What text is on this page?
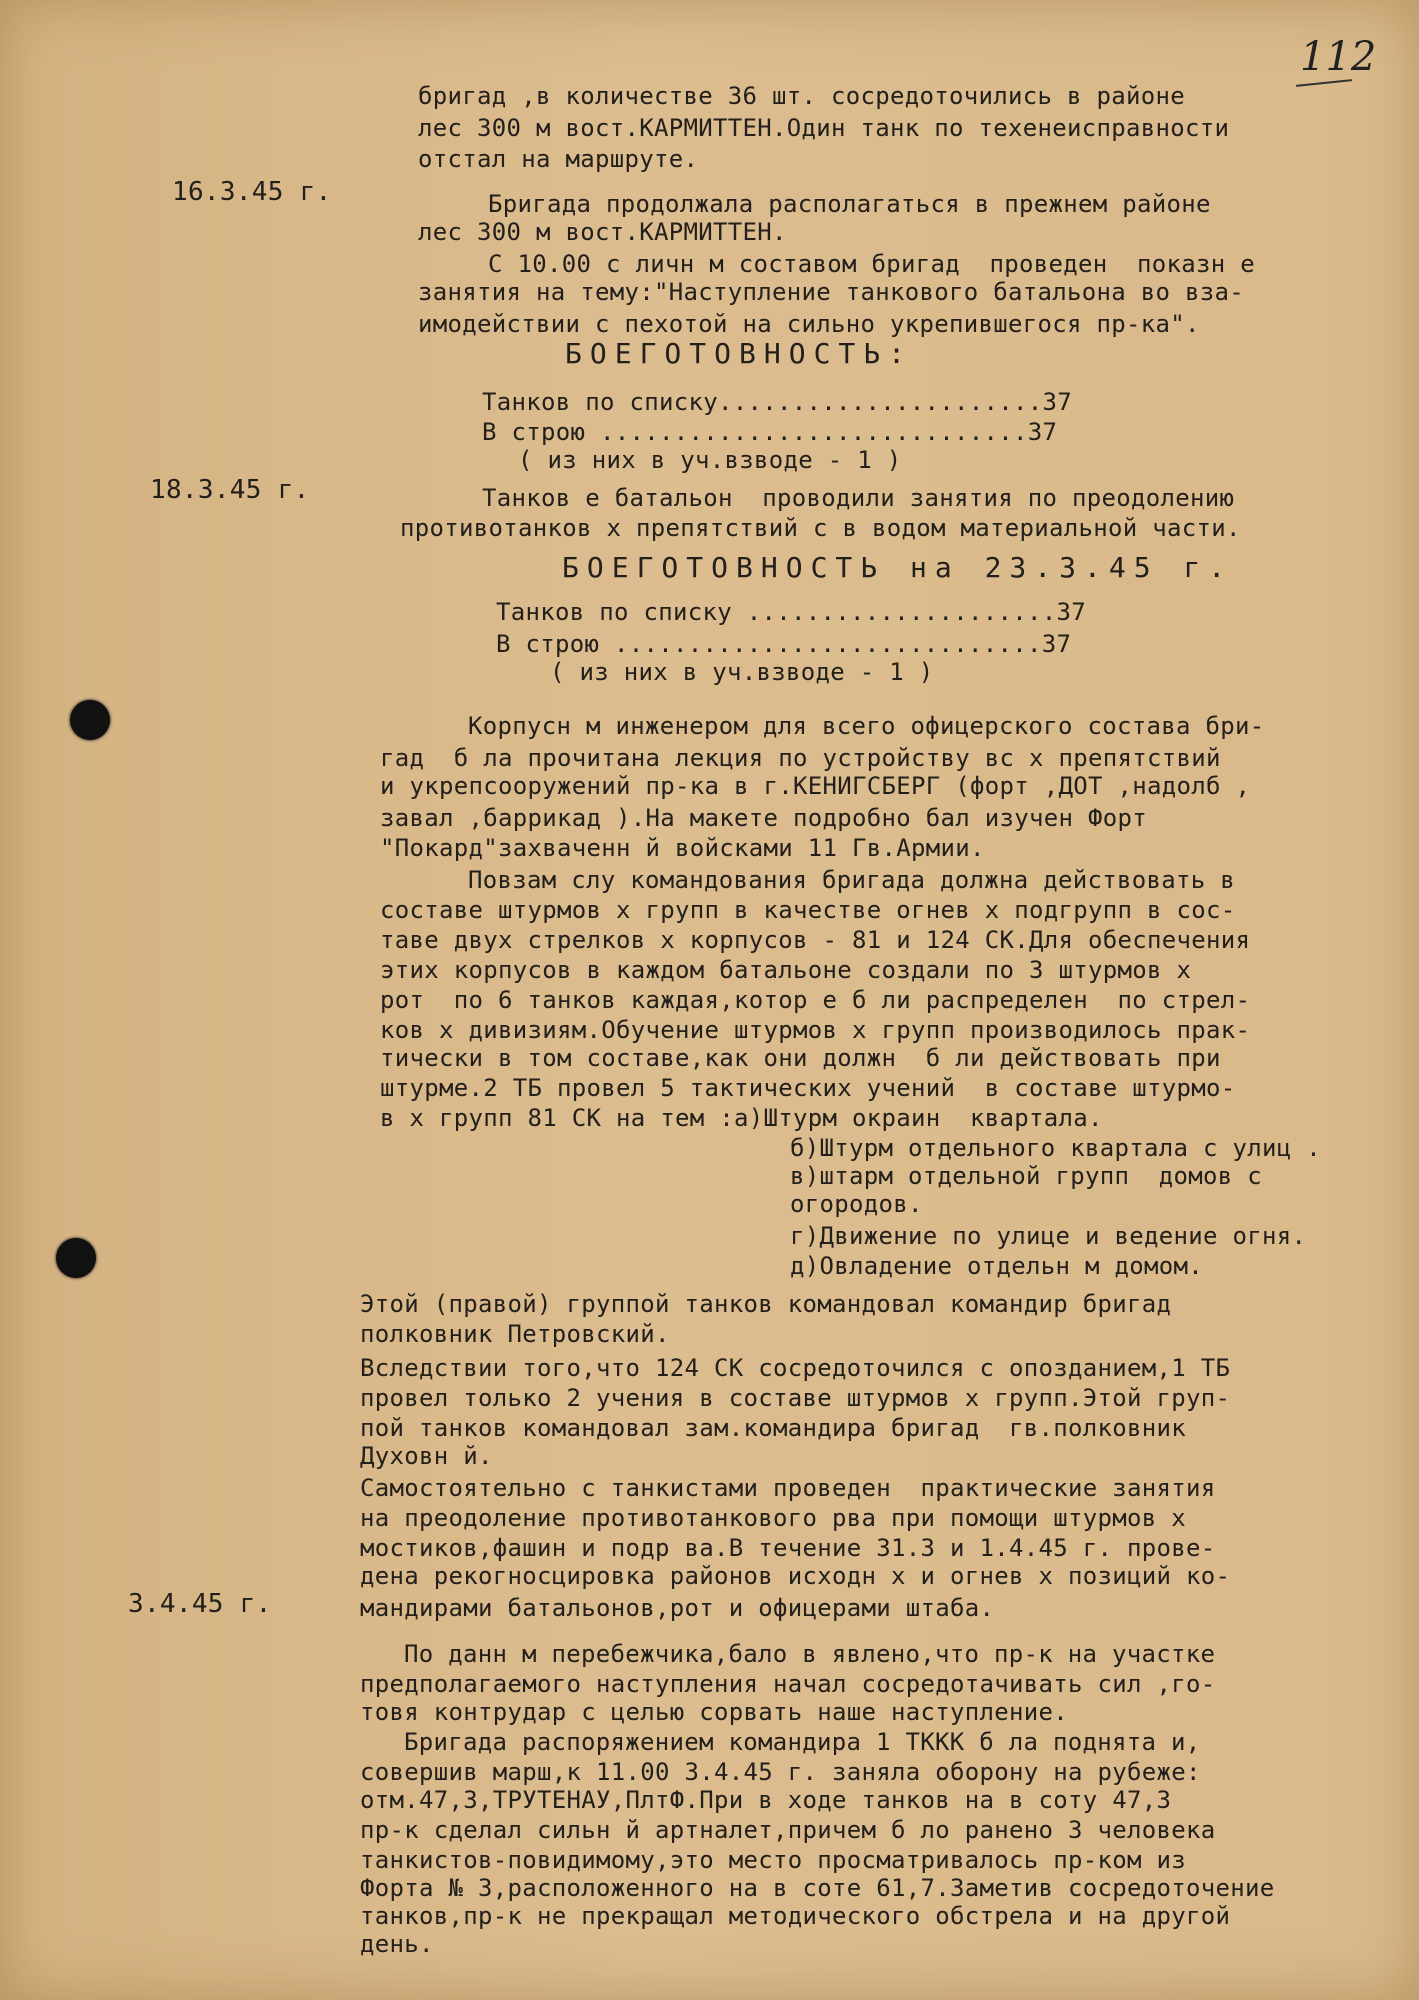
112
бригад ,в количестве 36 шт. сосредоточились в районе
лес 300 м вост.КАРМИТТЕН.Один танк по техенеисправности
отстал на маршруте.
Бригада продолжала располагаться в прежнем районе
лес 300 м вост.КАРМИТТЕН.
С 10.00 с личн м составом бригад  проведен  показн е
занятия на тему:"Наступление танкового батальона во вза-
имодействии с пехотой на сильно укрепившегося пр-ка".
Танков по списку......................37
В строю .............................37
( из них в уч.взводе - 1 )
Танков е батальон  проводили занятия по преодолению
противотанков х препятствий с в водом материальной части.
Танков по списку .....................37
В строю .............................37
( из них в уч.взводе - 1 )
Корпусн м инженером для всего офицерского состава бри-
гад  б ла прочитана лекция по устройству вс х препятствий
и укрепсооружений пр-ка в г.КЕНИГСБЕРГ (форт ,ДОТ ,надолб ,
завал ,баррикад ).На макете подробно бал изучен Форт
"Покард"захваченн й войсками 11 Гв.Армии.
Повзам слу командования бригада должна действовать в
составе штурмов х групп в качестве огнев х подгрупп в сос-
таве двух стрелков х корпусов - 81 и 124 СК.Для обеспечения
этих корпусов в каждом батальоне создали по 3 штурмов х
рот  по 6 танков каждая,котор е б ли распределен  по стрел-
ков х дивизиям.Обучение штурмов х групп производилось прак-
тически в том составе,как они должн  б ли действовать при
штурме.2 ТБ провел 5 тактических учений  в составе штурмо-
в х групп 81 СК на тем :а)Штурм окраин  квартала.
б)Штурм отдельного квартала с улиц .
в)штарм отдельной групп  домов с
огородов.
г)Движение по улице и ведение огня.
д)Овладение отдельн м домом.
Этой (правой) группой танков командовал командир бригад
полковник Петровский.
Вследствии того,что 124 СК сосредоточился с опозданием,1 ТБ
провел только 2 учения в составе штурмов х групп.Этой груп-
пой танков командовал зам.командира бригад  гв.полковник
Духовн й.
Самостоятельно с танкистами проведен  практические занятия
на преодоление противотанкового рва при помощи штурмов х
мостиков,фашин и подр ва.В течение 31.3 и 1.4.45 г. прове-
дена рекогносцировка районов исходн х и огнев х позиций ко-
мандирами батальонов,рот и офицерами штаба.
По данн м перебежчика,бало в явлено,что пр-к на участке
предполагаемого наступления начал сосредотачивать сил ,го-
товя контрудар с целью сорвать наше наступление.
Бригада распоряжением командира 1 ТККК б ла поднята и,
совершив марш,к 11.00 3.4.45 г. заняла оборону на рубеже:
отм.47,3,ТРУТЕНАУ,ПлтФ.При в ходе танков на в соту 47,3
пр-к сделал сильн й артналет,причем б ло ранено 3 человека
танкистов-повидимому,это место просматривалось пр-ком из
Форта № 3,расположенного на в соте 61,7.Заметив сосредоточение
танков,пр-к не прекращал методического обстрела и на другой
день.
БОЕГОТОВНОСТЬ:
БОЕГОТОВНОСТЬ на 23.3.45 г.
16.3.45 г.
18.3.45 г.
3.4.45 г.
